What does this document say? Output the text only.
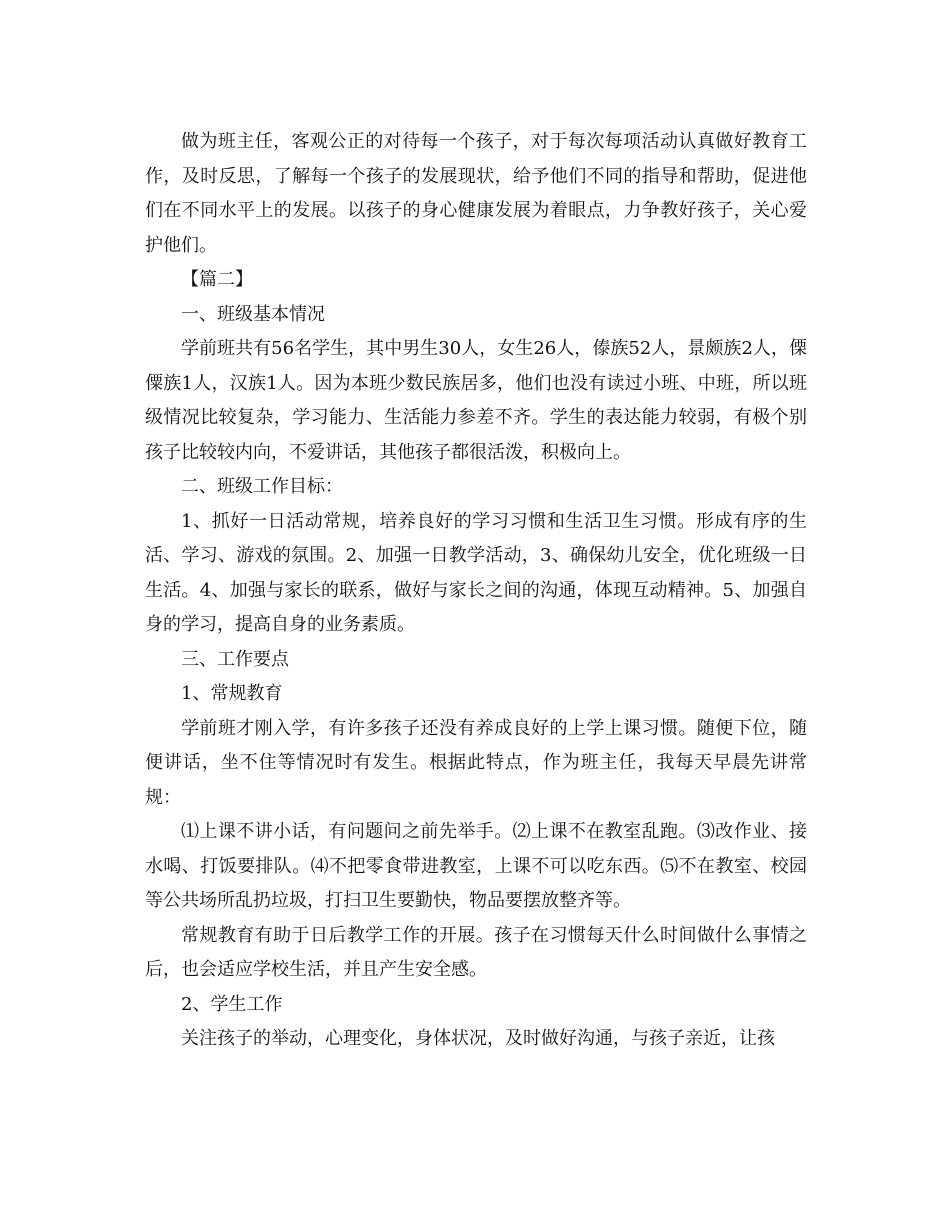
做为班主任，客观公正的对待每一个孩子，对于每次每项活动认真做好教育工作，及时反思，了解每一个孩子的发展现状，给予他们不同的指导和帮助，促进他们在不同水平上的发展。以孩子的身心健康发展为着眼点，力争教好孩子，关心爱护他们。

【篇二】

一、班级基本情况

学前班共有56名学生，其中男生30人，女生26人，傣族52人，景颇族2人，傈僳族1人，汉族1人。因为本班少数民族居多，他们也没有读过小班、中班，所以班级情况比较复杂，学习能力、生活能力参差不齐。学生的表达能力较弱，有极个别孩子比较较内向，不爱讲话，其他孩子都很活泼，积极向上。

二、班级工作目标：

1、抓好一日活动常规，培养良好的学习习惯和生活卫生习惯。形成有序的生活、学习、游戏的氛围。2、加强一日教学活动，3、确保幼儿安全，优化班级一日生活。4、加强与家长的联系，做好与家长之间的沟通，体现互动精神。5、加强自身的学习，提高自身的业务素质。

三、工作要点

1、常规教育

学前班才刚入学，有许多孩子还没有养成良好的上学上课习惯。随便下位，随便讲话，坐不住等情况时有发生。根据此特点，作为班主任，我每天早晨先讲常规：

⑴上课不讲小话，有问题问之前先举手。⑵上课不在教室乱跑。⑶改作业、接水喝、打饭要排队。⑷不把零食带进教室，上课不可以吃东西。⑸不在教室、校园等公共场所乱扔垃圾，打扫卫生要勤快，物品要摆放整齐等。

常规教育有助于日后教学工作的开展。孩子在习惯每天什么时间做什么事情之后，也会适应学校生活，并且产生安全感。

2、学生工作

关注孩子的举动，心理变化，身体状况，及时做好沟通，与孩子亲近，让孩
